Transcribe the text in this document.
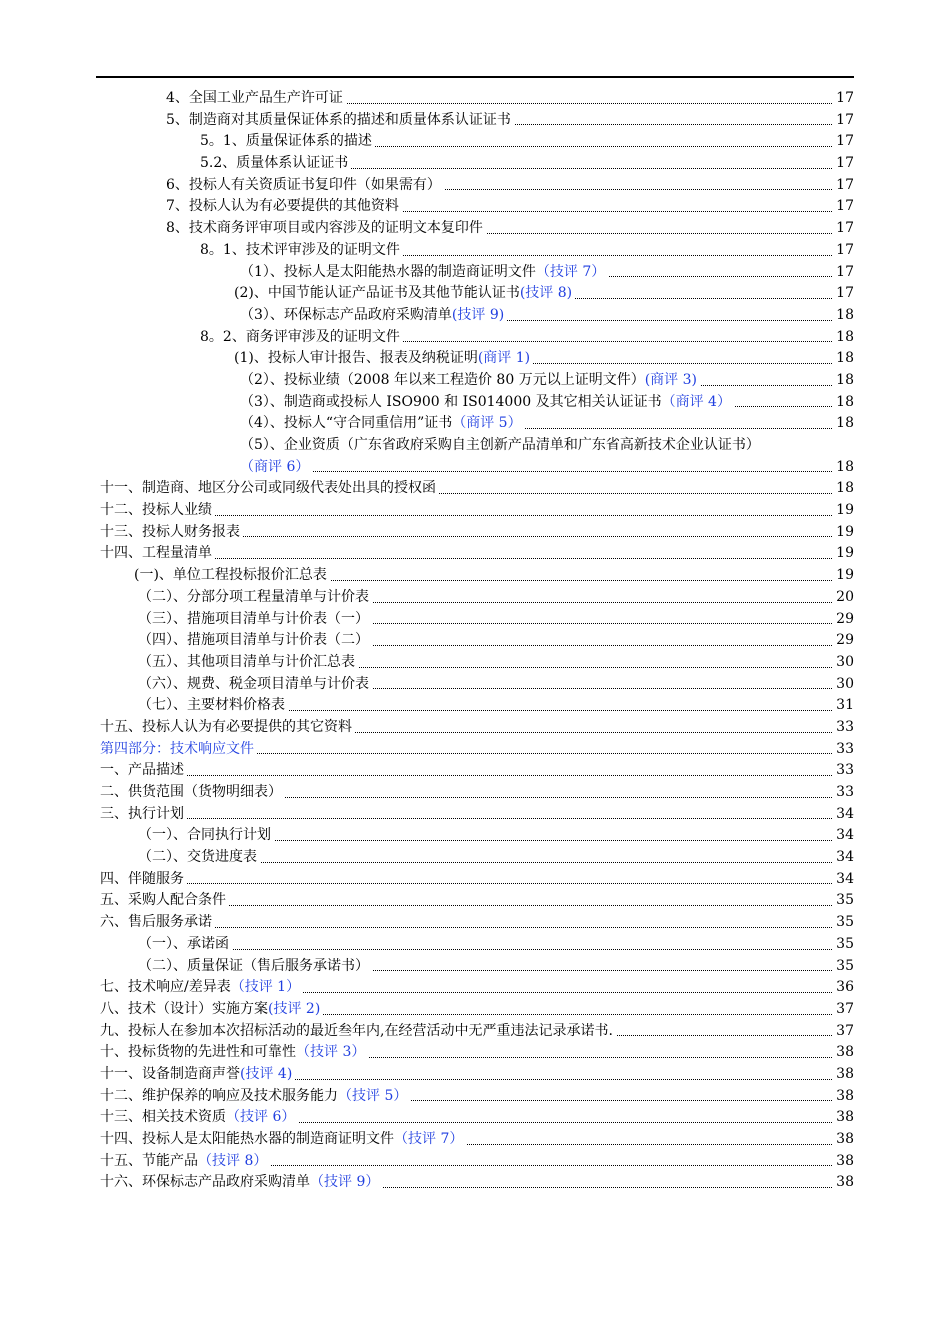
4、全国工业产品生产许可证	17
5、制造商对其质量保证体系的描述和质量体系认证证书	17
5。1、质量保证体系的描述	17
5.2、质量体系认证证书	17
6、投标人有关资质证书复印件（如果需有）	17
7、投标人认为有必要提供的其他资料	17
8、技术商务评审项目或内容涉及的证明文本复印件	17
8。1、技术评审涉及的证明文件	17
（1）、投标人是太阳能热水器的制造商证明文件（技评 7）	17
(2)、中国节能认证产品证书及其他节能认证书(技评 8)	17
（3）、环保标志产品政府采购清单(技评 9)	18
8。2、商务评审涉及的证明文件	18
(1)、投标人审计报告、报表及纳税证明(商评 1)	18
（2）、投标业绩（2008 年以来工程造价 80 万元以上证明文件）(商评 3)	18
（3）、制造商或投标人 ISO900 和 IS014000 及其它相关认证证书（商评 4）	18
（4）、投标人“守合同重信用”证书（商评 5）	18
（5）、企业资质（广东省政府采购自主创新产品清单和广东省高新技术企业认证书）
（商评 6）	18
十一、制造商、地区分公司或同级代表处出具的授权函	18
十二、投标人业绩	19
十三、投标人财务报表	19
十四、工程量清单	19
(一)、单位工程投标报价汇总表	19
（二）、分部分项工程量清单与计价表	20
（三）、措施项目清单与计价表（一）	29
（四）、措施项目清单与计价表（二）	29
（五）、其他项目清单与计价汇总表	30
（六）、规费、税金项目清单与计价表	30
（七）、主要材料价格表	31
十五、投标人认为有必要提供的其它资料	33
第四部分：技术响应文件	33
一、产品描述	33
二、供货范围（货物明细表）	33
三、执行计划	34
（一）、合同执行计划	34
（二）、交货进度表	34
四、伴随服务	34
五、采购人配合条件	35
六、售后服务承诺	35
（一）、承诺函	35
（二）、质量保证（售后服务承诺书）	35
七、技术响应/差异表（技评 1）	36
八、技术（设计）实施方案(技评 2)	37
九、投标人在参加本次招标活动的最近叁年内,在经营活动中无严重违法记录承诺书.	37
十、投标货物的先进性和可靠性（技评 3）	38
十一、设备制造商声誉(技评 4)	38
十二、维护保养的响应及技术服务能力（技评 5）	38
十三、相关技术资质（技评 6）	38
十四、投标人是太阳能热水器的制造商证明文件（技评 7）	38
十五、节能产品（技评 8）	38
十六、环保标志产品政府采购清单（技评 9）	38
